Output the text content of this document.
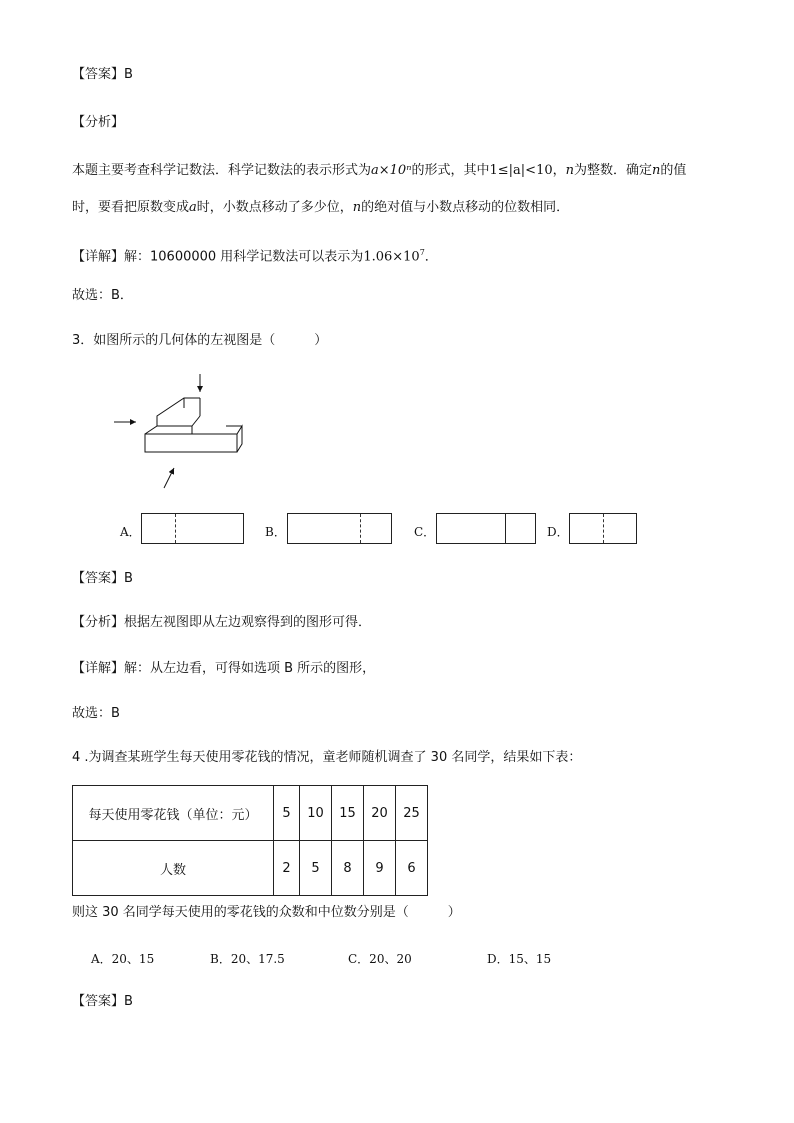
【答案】B
【分析】
本题主要考查科学记数法．科学记数法的表示形式为a×10ⁿ的形式，其中1≤|a|<10，n为整数．确定n的值
时，要看把原数变成a时，小数点移动了多少位，n的绝对值与小数点移动的位数相同．
【详解】解：10600000 用科学记数法可以表示为$1.06\times 10^7$．
故选：B．
3．如图所示的几何体的左视图是（　　　）
A．	B．	C．	D．
【答案】B
【分析】根据左视图即从左边观察得到的图形可得．
【详解】解：从左边看，可得如选项 B 所示的图形，
故选：B
4 .为调查某班学生每天使用零花钱的情况，童老师随机调查了 30 名同学，结果如下表：
每天使用零花钱（单位：元）	5	10	15	20	25
人数	2	5	8	9	6
则这 30 名同学每天使用的零花钱的众数和中位数分别是（　　　）
A．20、15	B．20、17.5	C．20、20	D．15、15
【答案】B
